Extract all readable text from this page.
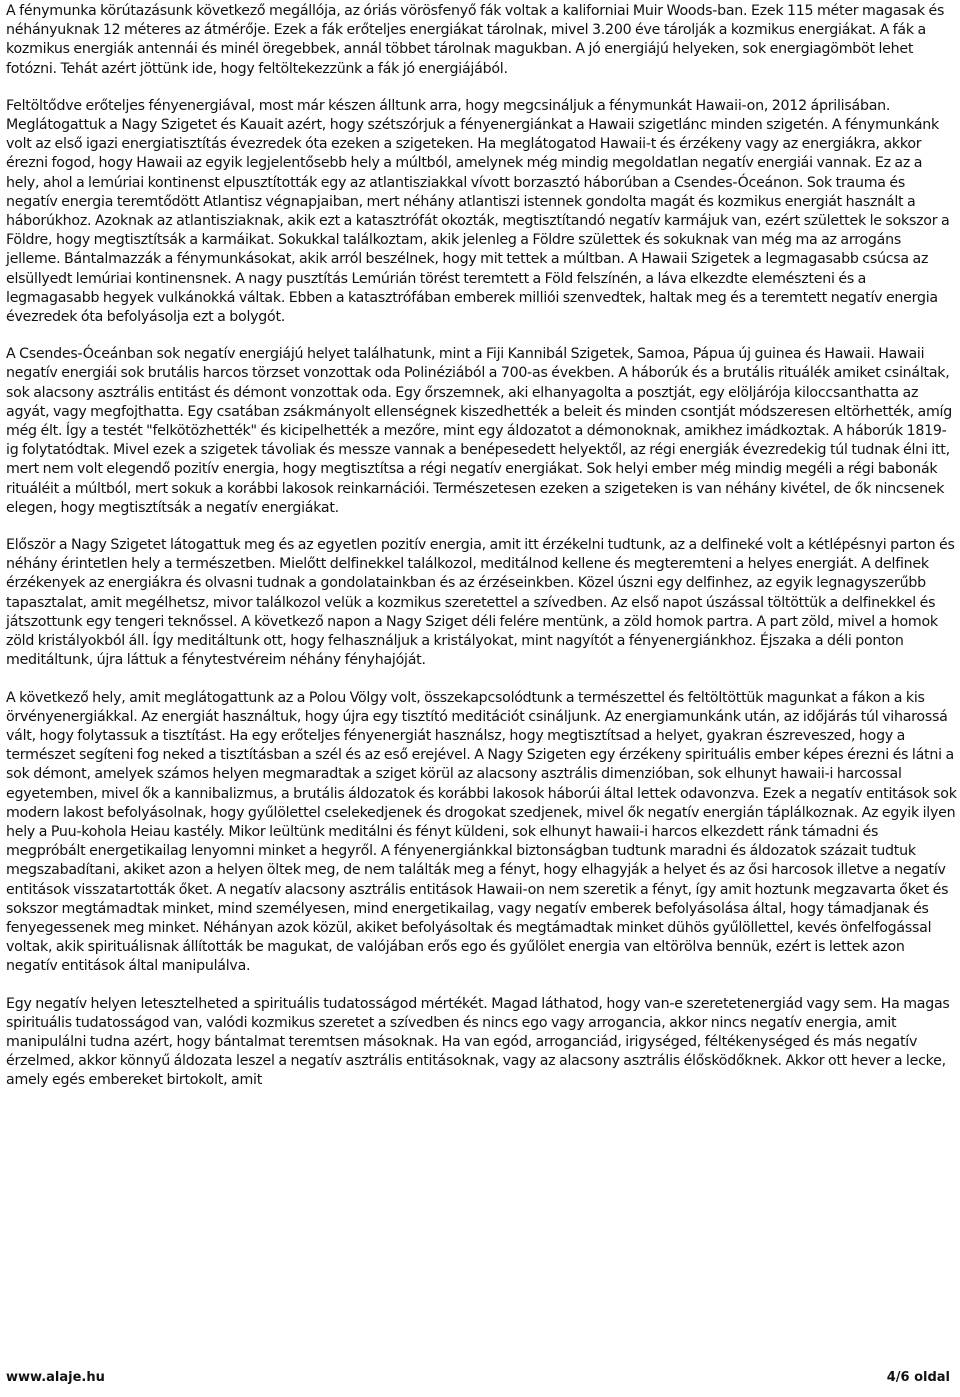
A fénymunka körútazásunk következő megállója, az óriás vörösfenyő fák voltak a kaliforniai Muir Woods-ban. Ezek 115 méter magasak és néhányuknak 12 méteres az átmérője. Ezek a fák erőteljes energiákat tárolnak, mivel 3.200 éve tárolják a kozmikus energiákat. A fák a kozmikus energiák antennái és minél öregebbek, annál többet tárolnak magukban. A jó energiájú helyeken, sok energiagömböt lehet fotózni. Tehát azért jöttünk ide, hogy feltöltekezzünk a fák jó energiájából.

Feltöltődve erőteljes fényenergiával, most már készen álltunk arra, hogy megcsináljuk a fénymunkát Hawaii-on, 2012 áprilisában. Meglátogattuk a Nagy Szigetet és Kauait azért, hogy szétszórjuk a fényenergiánkat a Hawaii szigetlánc minden szigetén. A fénymunkánk volt az első igazi energiatisztítás évezredek óta ezeken a szigeteken. Ha meglátogatod Hawaii-t és érzékeny vagy az energiákra, akkor érezni fogod, hogy Hawaii az egyik legjelentősebb hely a múltból, amelynek még mindig megoldatlan negatív energiái vannak. Ez az a hely, ahol a lemúriai kontinenst elpusztították egy az atlantisziakkal vívott borzasztó háborúban a Csendes-Óceánon. Sok trauma és negatív energia teremtődött Atlantisz végnapjaiban, mert néhány atlantiszi istennek gondolta magát és kozmikus energiát használt a háborúkhoz. Azoknak az atlantisziaknak, akik ezt a katasztrófát okozták, megtisztítandó negatív karmájuk van, ezért születtek le sokszor a Földre, hogy megtisztítsák a karmáikat. Sokukkal találkoztam, akik jelenleg a Földre születtek és sokuknak van még ma az arrogáns jelleme. Bántalmazzák a fénymunkásokat, akik arról beszélnek, hogy mit tettek a múltban. A Hawaii Szigetek a legmagasabb csúcsa az elsüllyedt lemúriai kontinensnek. A nagy pusztítás Lemúrián törést teremtett a Föld felszínén, a láva elkezdte elemészteni és a legmagasabb hegyek vulkánokká váltak. Ebben a katasztrófában emberek milliói szenvedtek, haltak meg és a teremtett negatív energia évezredek óta befolyásolja ezt a bolygót.

A Csendes-Óceánban sok negatív energiájú helyet találhatunk, mint a Fiji Kannibál Szigetek, Samoa, Pápua új guinea és Hawaii. Hawaii negatív energiái sok brutális harcos törzset vonzottak oda Polinéziából a 700-as években. A háborúk és a brutális rituálék amiket csináltak, sok alacsony asztrális entitást és démont vonzottak oda. Egy őrszemnek, aki elhanyagolta a posztját, egy elöljárója kiloccsanthatta az agyát, vagy megfojthatta. Egy csatában zsákmányolt ellenségnek kiszedhették a beleit és minden csontját módszeresen eltörhették, amíg még élt. Így a testét "felkötözhették" és kicipelhették a mezőre, mint egy áldozatot a démonoknak, amikhez imádkoztak. A háborúk 1819-ig folytatódtak. Mivel ezek a szigetek távoliak és messze vannak a benépesedett helyektől, az régi energiák évezredekig túl tudnak élni itt, mert nem volt elegendő pozitív energia, hogy megtisztítsa a régi negatív energiákat. Sok helyi ember még mindig megéli a régi babonák rituáléit a múltból, mert sokuk a korábbi lakosok reinkarnációi. Természetesen ezeken a szigeteken is van néhány kivétel, de ők nincsenek elegen, hogy megtisztítsák a negatív energiákat.

Először a Nagy Szigetet látogattuk meg és az egyetlen pozitív energia, amit itt érzékelni tudtunk, az a delfineké volt a kétlépésnyi parton és néhány érintetlen hely a természetben. Mielőtt delfinekkel találkozol, meditálnod kellene és megteremteni a helyes energiát. A delfinek érzékenyek az energiákra és olvasni tudnak a gondolatainkban és az érzéseinkben. Közel úszni egy delfinhez, az egyik legnagyszerűbb tapasztalat, amit megélhetsz, mivor találkozol velük a kozmikus szeretettel a szívedben. Az első napot úszással töltöttük a delfinekkel és játszottunk egy tengeri teknőssel. A következő napon a Nagy Sziget déli felére mentünk, a zöld homok partra. A part zöld, mivel a homok zöld kristályokból áll. Így meditáltunk ott, hogy felhasználjuk a kristályokat, mint nagyítót a fényenergiánkhoz. Éjszaka a déli ponton meditáltunk, újra láttuk a fénytestvéreim néhány fényhajóját.

A következő hely, amit meglátogattunk az a Polou Völgy volt, összekapcsolódtunk a természettel és feltöltöttük magunkat a fákon a kis örvényenergiákkal. Az energiát használtuk, hogy újra egy tisztító meditációt csináljunk. Az energiamunkánk után, az időjárás túl viharossá vált, hogy folytassuk a tisztítást. Ha egy erőteljes fényenergiát használsz, hogy megtisztítsad a helyet, gyakran észreveszed, hogy a természet segíteni fog neked a tisztításban a szél és az eső erejével. A Nagy Szigeten egy érzékeny spirituális ember képes érezni és látni a sok démont, amelyek számos helyen megmaradtak a sziget körül az alacsony asztrális dimenzióban, sok elhunyt hawaii-i harcossal egyetemben, mivel ők a kannibalizmus, a brutális áldozatok és korábbi lakosok háborúi által lettek odavonzva. Ezek a negatív entitások sok modern lakost befolyásolnak, hogy gyűlölettel cselekedjenek és drogokat szedjenek, mivel ők negatív energián táplálkoznak. Az egyik ilyen hely a Puu-kohola Heiau kastély. Mikor leültünk meditálni és fényt küldeni, sok elhunyt hawaii-i harcos elkezdett ránk támadni és megpróbált energetikailag lenyomni minket a hegyről. A fényenergiánkkal biztonságban tudtunk maradni és áldozatok százait tudtuk megszabadítani, akiket azon a helyen öltek meg, de nem találták meg a fényt, hogy elhagyják a helyet és az ősi harcosok illetve a negatív entitások visszatartották őket. A negatív alacsony asztrális entitások Hawaii-on nem szeretik a fényt, így amit hoztunk megzavarta őket és sokszor megtámadtak minket, mind személyesen, mind energetikailag, vagy negatív emberek befolyásolása által, hogy támadjanak és fenyegessenek meg minket. Néhányan azok közül, akiket befolyásoltak és megtámadtak minket dühös gyűlöllettel, kevés önfelfogással voltak, akik spirituálisnak állították be magukat, de valójában erős ego és gyűlölet energia van eltörölva bennük, ezért is lettek azon negatív entitások által manipulálva.

Egy negatív helyen letesztelheted a spirituális tudatosságod mértékét. Magad láthatod, hogy van-e szeretetenergiád vagy sem. Ha magas spirituális tudatosságod van, valódi kozmikus szeretet a szívedben és nincs ego vagy arrogancia, akkor nincs negatív energia, amit manipulálni tudna azért, hogy bántalmat teremtsen másoknak. Ha van egód, arroganciád, irigységed, féltékenységed és más negatív érzelmed, akkor könnyű áldozata leszel a negatív asztrális entitásoknak, vagy az alacsony asztrális élősködőknek. Akkor ott hever a lecke, amely egés embereket birtokolt, amit

www.alaje.hu	4/6 oldal
